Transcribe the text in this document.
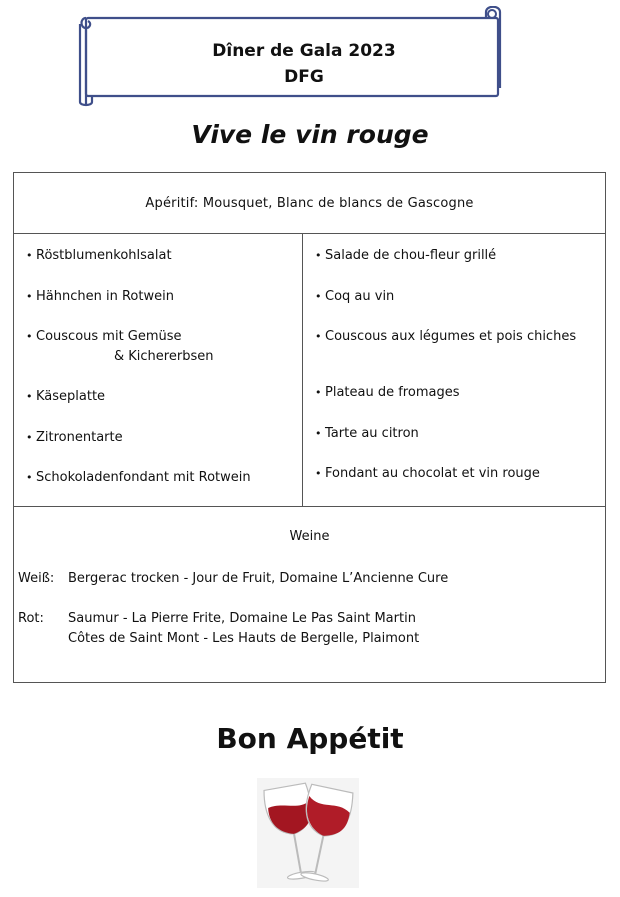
Dîner de Gala 2023
DFG
Vive le vin rouge
Apéritif: Mousquet, Blanc de blancs de Gascogne
• Röstblumenkohlsalat
• Hähnchen in Rotwein
• Couscous mit Gemüse
& Kichererbsen
• Käseplatte
• Zitronentarte
• Schokoladenfondant mit Rotwein
• Salade de chou-fleur grillé
• Coq au vin
• Couscous aux légumes et pois chiches
• Plateau de fromages
• Tarte au citron
• Fondant au chocolat et vin rouge
Weine
Weiß: Bergerac trocken - Jour de Fruit, Domaine L’Ancienne Cure
Rot: Saumur - La Pierre Frite, Domaine Le Pas Saint Martin
Côtes de Saint Mont - Les Hauts de Bergelle, Plaimont
Bon Appétit
